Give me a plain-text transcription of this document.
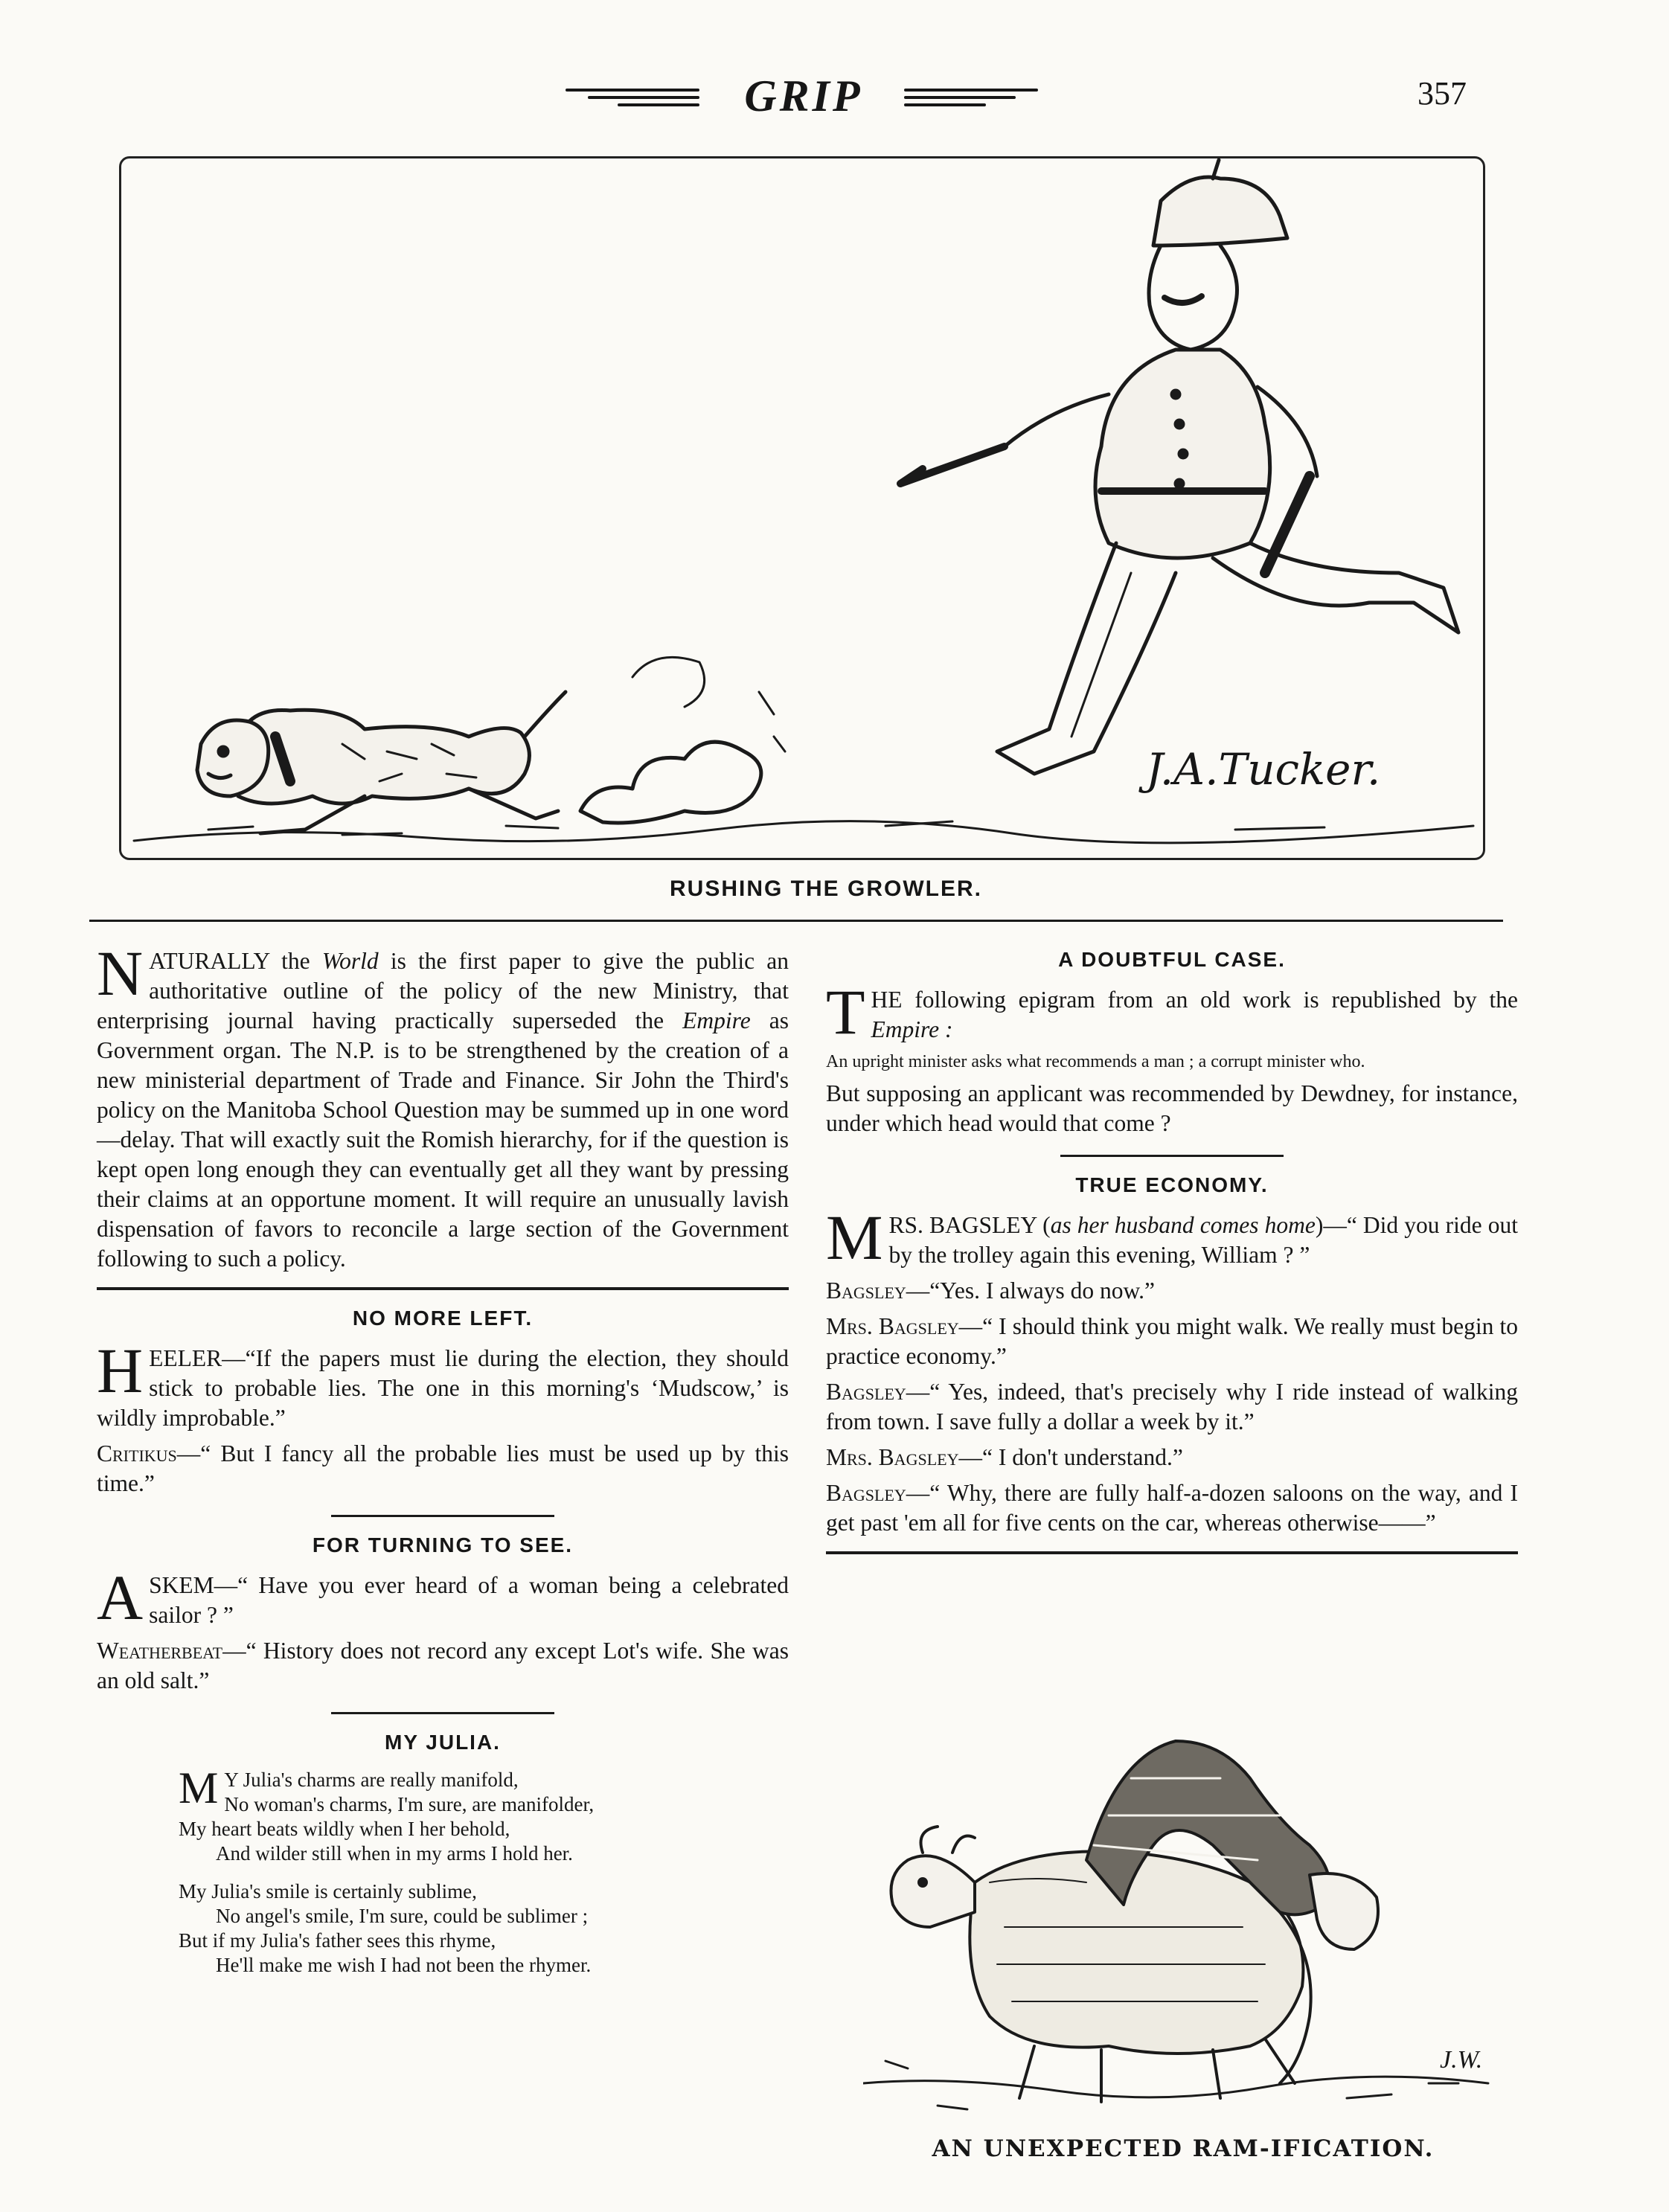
GRIP	357
J.A.Tucker.
RUSHING THE GROWLER.

NATURALLY the World is the first paper to give the public an authoritative outline of the policy of the new Ministry, that enterprising journal having practically superseded the Empire as Government organ. The N.P. is to be strengthened by the creation of a new ministerial department of Trade and Finance. Sir John the Third's policy on the Manitoba School Question may be summed up in one word—delay. That will exactly suit the Romish hierarchy, for if the question is kept open long enough they can eventually get all they want by pressing their claims at an opportune moment. It will require an unusually lavish dispensation of favors to reconcile a large section of the Government following to such a policy.

NO MORE LEFT.

HEELER—“If the papers must lie during the election, they should stick to probable lies. The one in this morning's ‘Mudscow,’ is wildly improbable.”

Critikus—“ But I fancy all the probable lies must be used up by this time.”

FOR TURNING TO SEE.

ASKEM—“ Have you ever heard of a woman being a celebrated sailor ? ”

Weatherbeat—“ History does not record any except Lot's wife. She was an old salt.”

MY JULIA.
M Y Julia's charms are really manifold,
No woman's charms, I'm sure, are manifolder,
My heart beats wildly when I her behold,
And wilder still when in my arms I hold her.
My Julia's smile is certainly sublime,
No angel's smile, I'm sure, could be sublimer ;
But if my Julia's father sees this rhyme,
He'll make me wish I had not been the rhymer.
A DOUBTFUL CASE.

THE following epigram from an old work is republished by the Empire :

An upright minister asks what recommends a man ; a corrupt minister who.

But supposing an applicant was recommended by Dewdney, for instance, under which head would that come ?

TRUE ECONOMY.

MRS. BAGSLEY (as her husband comes home)—“ Did you ride out by the trolley again this evening, William ? ”

Bagsley—“Yes. I always do now.”

Mrs. Bagsley—“ I should think you might walk. We really must begin to practice economy.”

Bagsley—“ Yes, indeed, that's precisely why I ride instead of walking from town. I save fully a dollar a week by it.”

Mrs. Bagsley—“ I don't understand.”

Bagsley—“ Why, there are fully half-a-dozen saloons on the way, and I get past 'em all for five cents on the car, whereas otherwise——”

J.W.
AN UNEXPECTED RAM-IFICATION.
